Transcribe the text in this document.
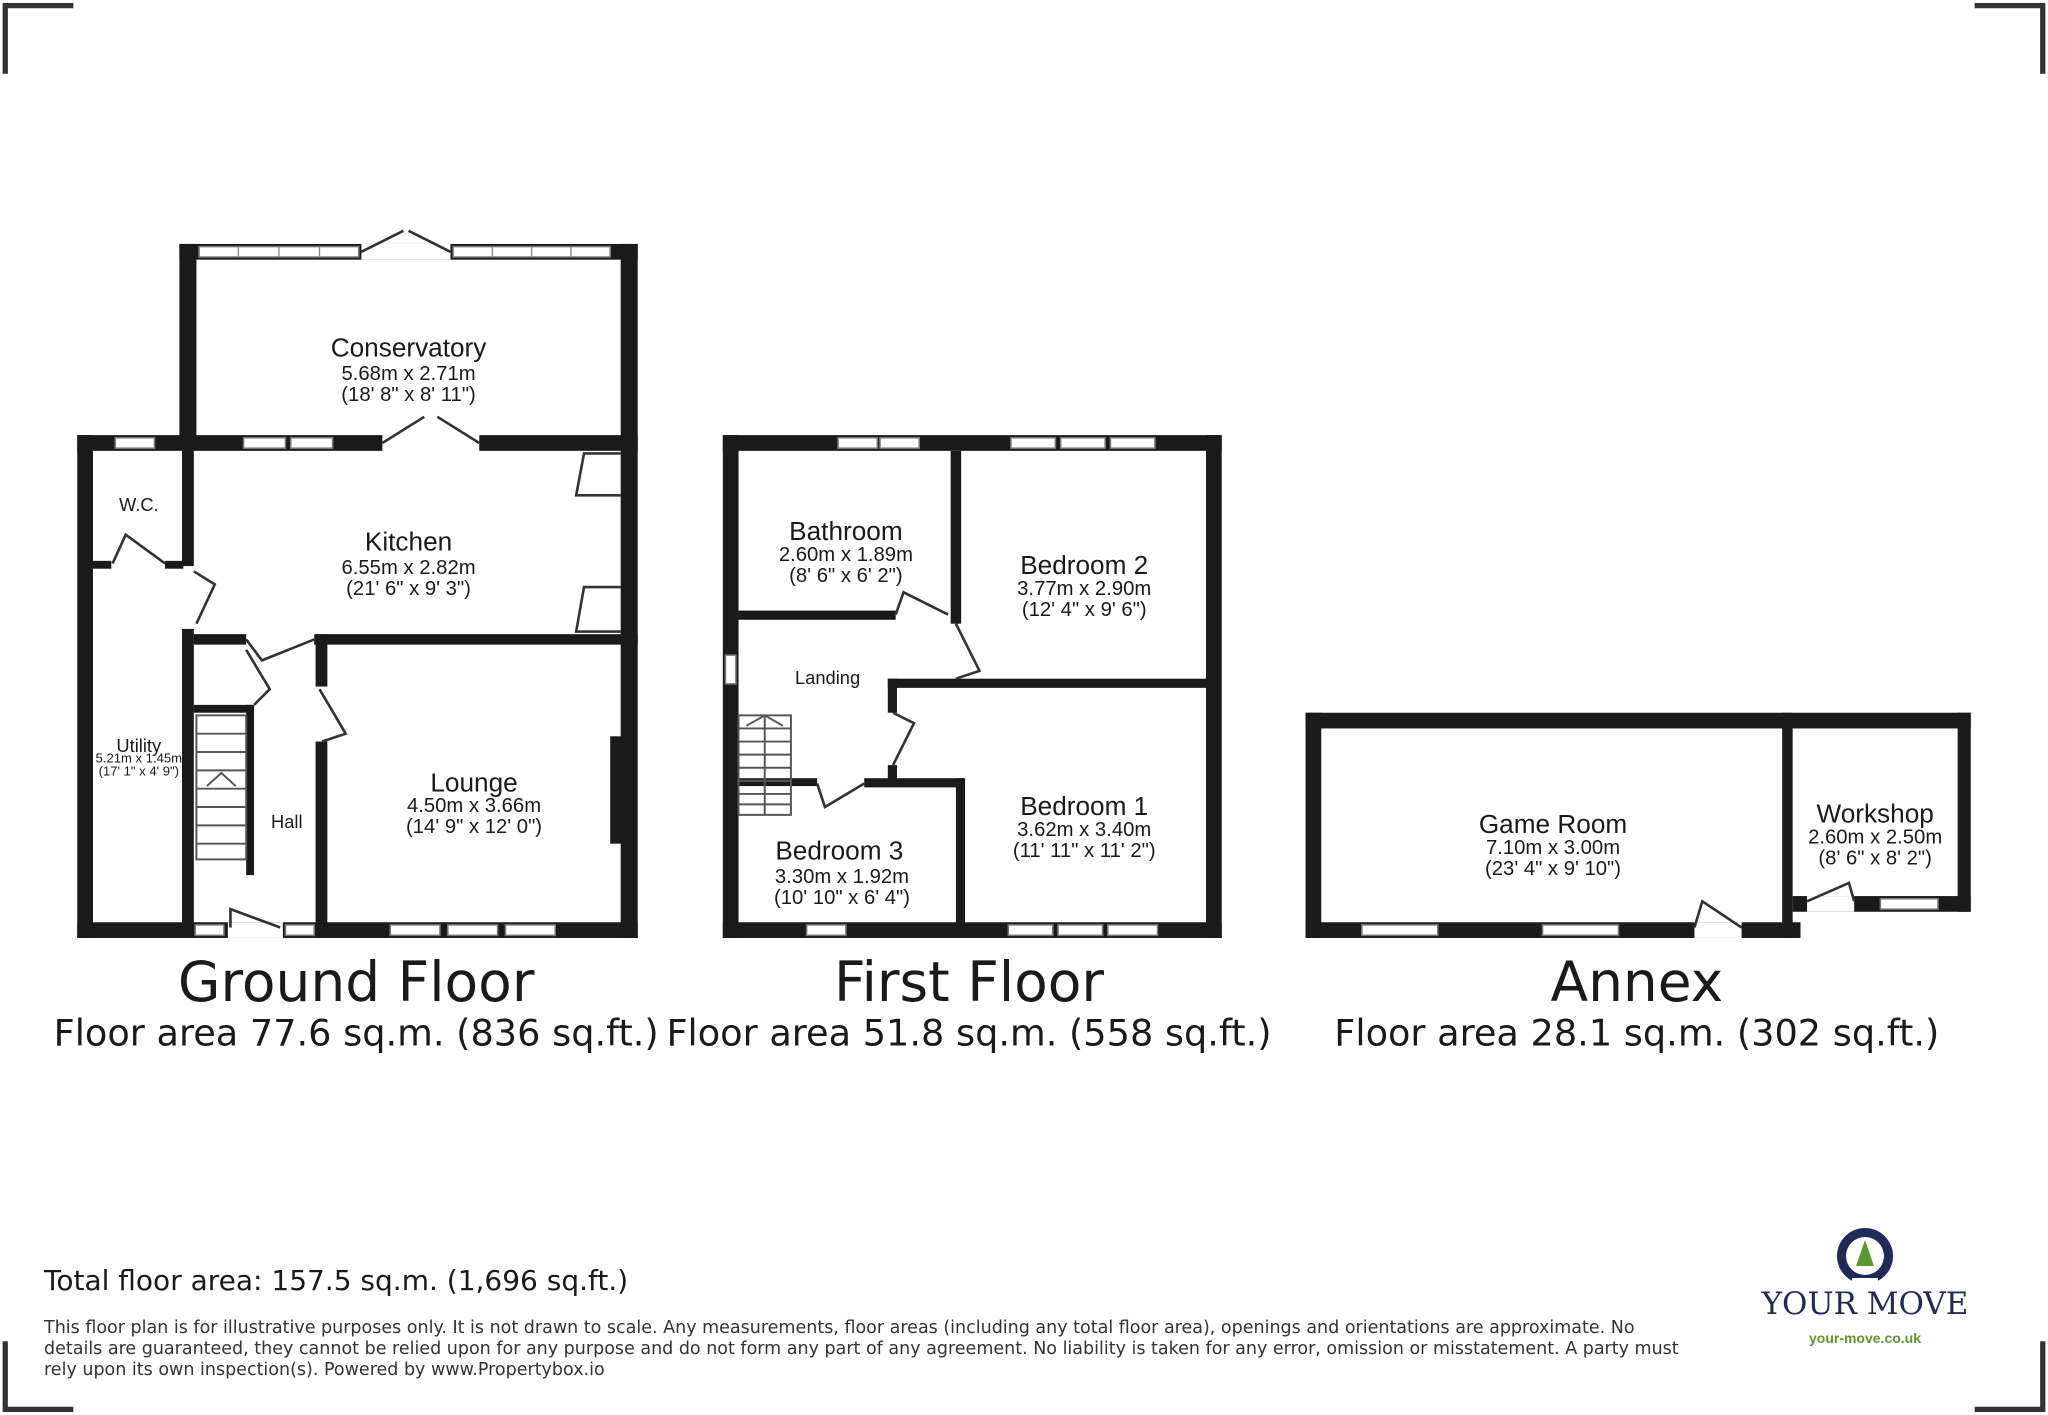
Conservatory
5.68m x 2.71m
(18' 8" x 8' 11")
W.C.
Kitchen
6.55m x 2.82m
(21' 6" x 9' 3")
Utility
5.21m x 1.45m
(17' 1" x 4' 9")
Hall
Lounge
4.50m x 3.66m
(14' 9" x 12' 0")
Ground Floor
Floor area 77.6 sq.m. (836 sq.ft.)
Bathroom
2.60m x 1.89m
(8' 6" x 6' 2")	Bedroom 2
3.77m x 2.90m
(12' 4" x 9' 6")
Landing
Bedroom 1
3.62m x 3.40m
(11' 11" x 11' 2")
Bedroom 3
3.30m x 1.92m
(10' 10" x 6' 4")
First Floor
Floor area 51.8 sq.m. (558 sq.ft.)
Game Room
7.10m x 3.00m
(23' 4" x 9' 10")
Workshop
2.60m x 2.50m
(8' 6" x 8' 2")
Annex
Floor area 28.1 sq.m. (302 sq.ft.)
Total floor area: 157.5 sq.m. (1,696 sq.ft.)
This floor plan is for illustrative purposes only. It is not drawn to scale. Any measurements, floor areas (including any total floor area), openings and orientations are approximate. No details are guaranteed, they cannot be relied upon for any purpose and do not form any part of any agreement. No liability is taken for any error, omission or misstatement. A party must rely upon its own inspection(s). Powered by www.Propertybox.io
YOUR MOVE
your-move.co.uk
